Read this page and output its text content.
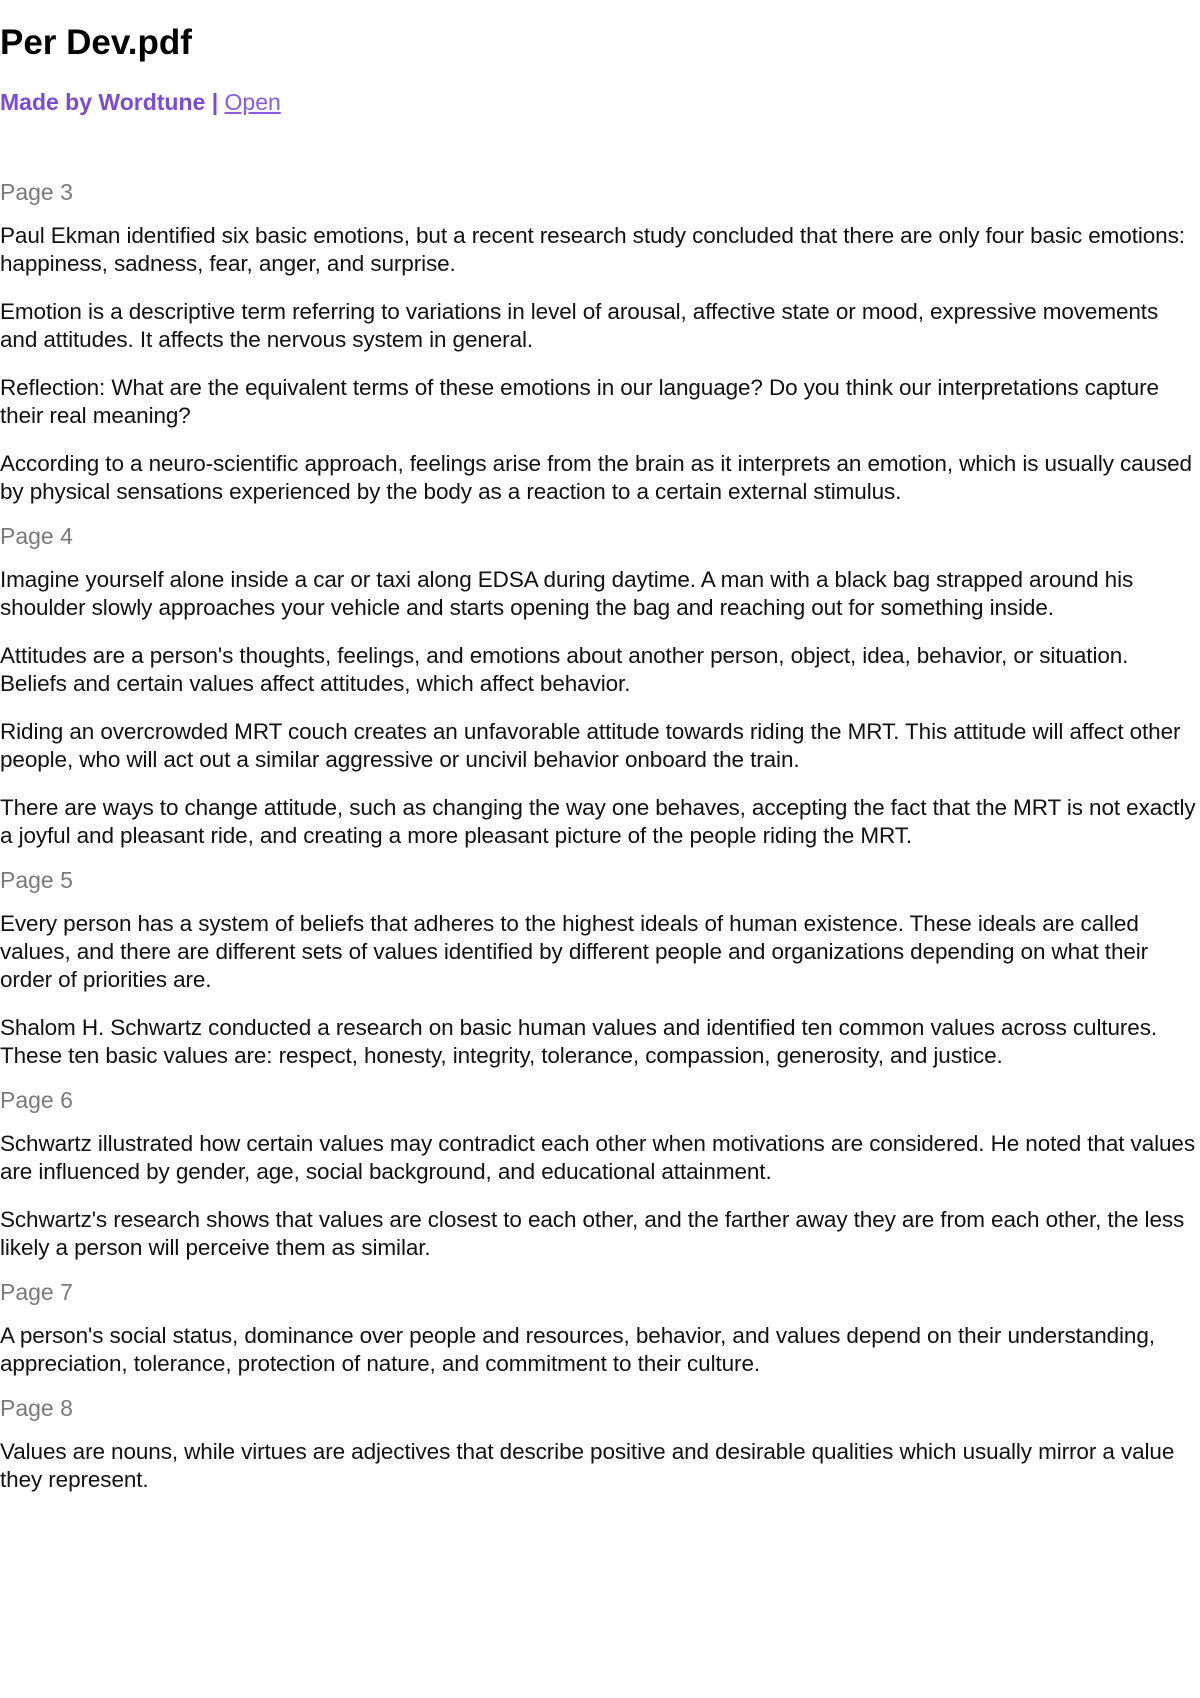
Per Dev.pdf
Made by Wordtune | Open
Page 3

Paul Ekman identified six basic emotions, but a recent research study concluded that there are only four basic emotions: happiness, sadness, fear, anger, and surprise.

Emotion is a descriptive term referring to variations in level of arousal, affective state or mood, expressive movements and attitudes. It affects the nervous system in general.

Reflection: What are the equivalent terms of these emotions in our language? Do you think our interpretations capture their real meaning?

According to a neuro-scientific approach, feelings arise from the brain as it interprets an emotion, which is usually caused by physical sensations experienced by the body as a reaction to a certain external stimulus.

Page 4

Imagine yourself alone inside a car or taxi along EDSA during daytime. A man with a black bag strapped around his shoulder slowly approaches your vehicle and starts opening the bag and reaching out for something inside.

Attitudes are a person's thoughts, feelings, and emotions about another person, object, idea, behavior, or situation. Beliefs and certain values affect attitudes, which affect behavior.

Riding an overcrowded MRT couch creates an unfavorable attitude towards riding the MRT. This attitude will affect other people, who will act out a similar aggressive or uncivil behavior onboard the train.

There are ways to change attitude, such as changing the way one behaves, accepting the fact that the MRT is not exactly a joyful and pleasant ride, and creating a more pleasant picture of the people riding the MRT.

Page 5

Every person has a system of beliefs that adheres to the highest ideals of human existence. These ideals are called values, and there are different sets of values identified by different people and organizations depending on what their order of priorities are.

Shalom H. Schwartz conducted a research on basic human values and identified ten common values across cultures. These ten basic values are: respect, honesty, integrity, tolerance, compassion, generosity, and justice.

Page 6

Schwartz illustrated how certain values may contradict each other when motivations are considered. He noted that values are influenced by gender, age, social background, and educational attainment.

Schwartz's research shows that values are closest to each other, and the farther away they are from each other, the less likely a person will perceive them as similar.

Page 7

A person's social status, dominance over people and resources, behavior, and values depend on their understanding, appreciation, tolerance, protection of nature, and commitment to their culture.

Page 8

Values are nouns, while virtues are adjectives that describe positive and desirable qualities which usually mirror a value they represent.
